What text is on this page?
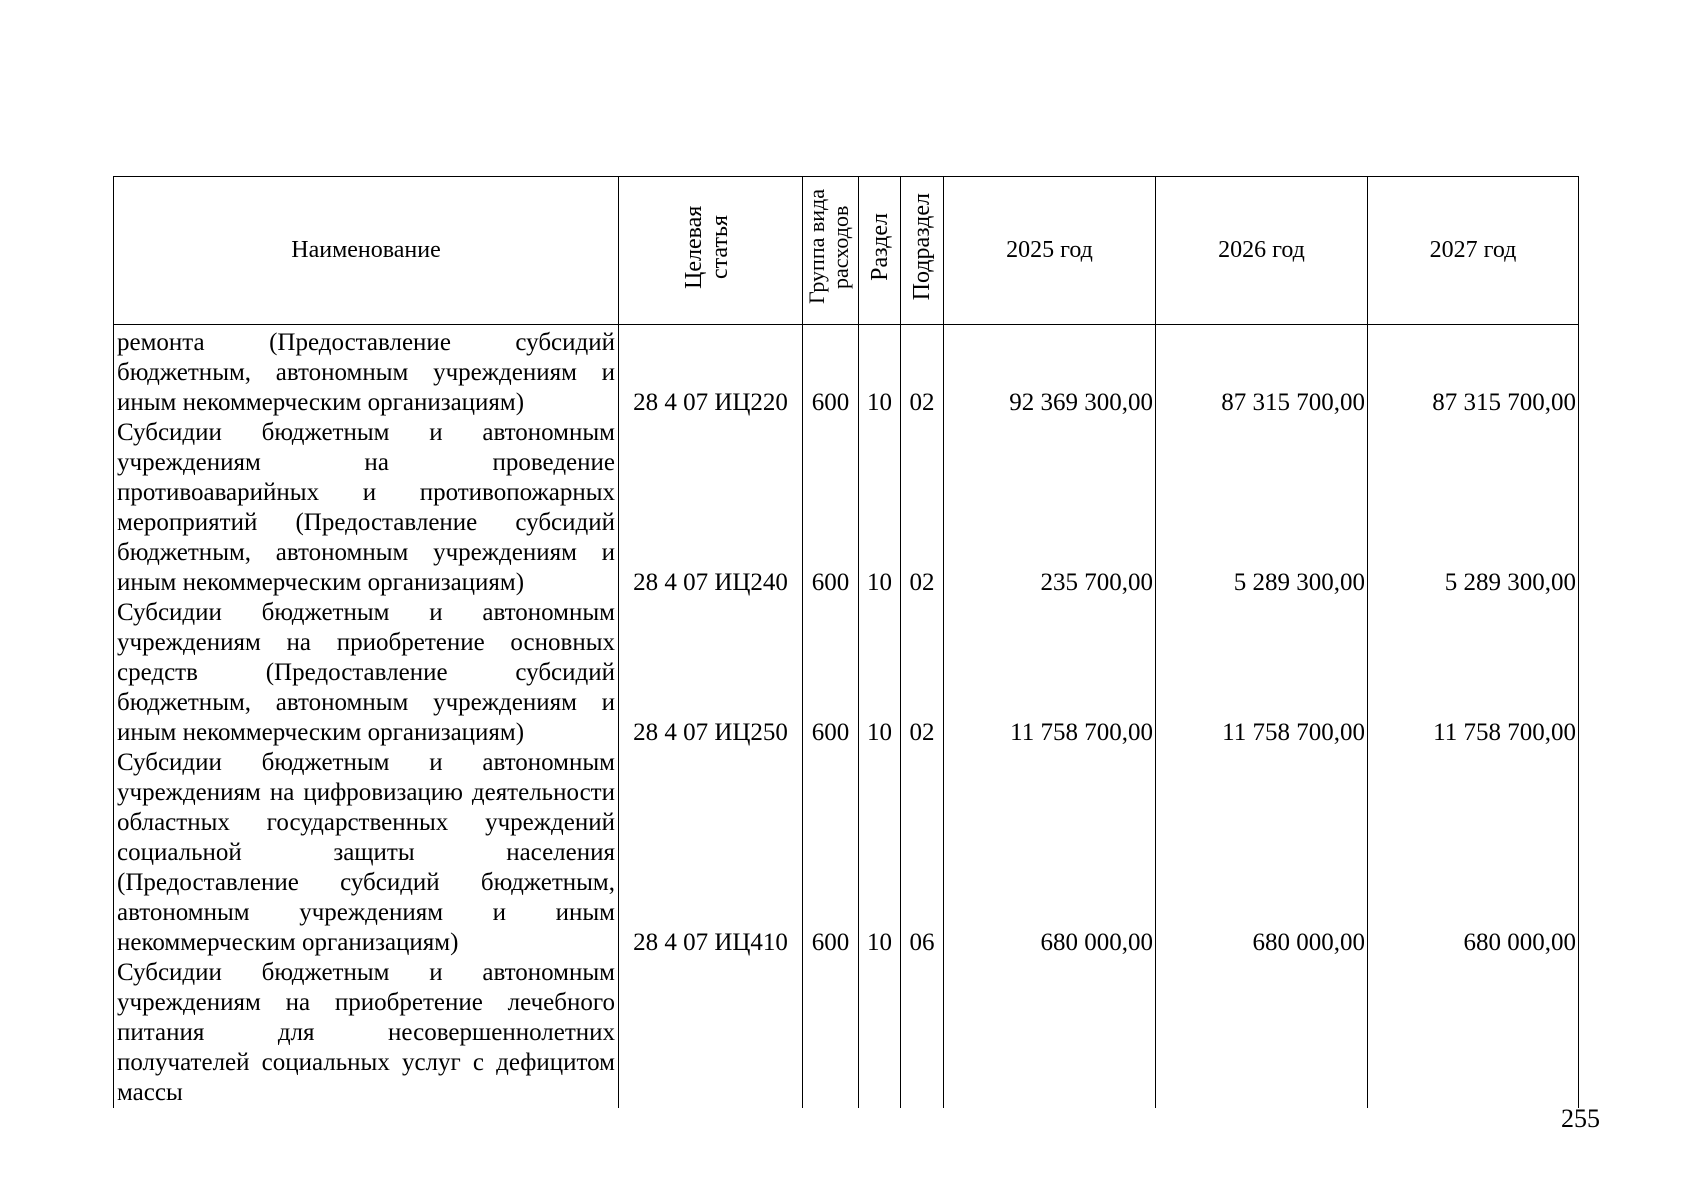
Наименование	Целевая статья	Группа вида расходов	Раздел	Подраздел	2025 год	2026 год	2027 год
ремонта (Предоставление субсидий бюджетным, автономным учреждениям и иным некоммерческим организациям)	28 4 07 ИЦ220	600	10	02	92 369 300,00	87 315 700,00	87 315 700,00
Субсидии бюджетным и автономным учреждениям на проведение противоаварийных и противопожарных мероприятий (Предоставление субсидий бюджетным, автономным учреждениям и иным некоммерческим организациям)	28 4 07 ИЦ240	600	10	02	235 700,00	5 289 300,00	5 289 300,00
Субсидии бюджетным и автономным учреждениям на приобретение основных средств (Предоставление субсидий бюджетным, автономным учреждениям и иным некоммерческим организациям)	28 4 07 ИЦ250	600	10	02	11 758 700,00	11 758 700,00	11 758 700,00
Субсидии бюджетным и автономным учреждениям на цифровизацию деятельности областных государственных учреждений социальной защиты населения (Предоставление субсидий бюджетным, автономным учреждениям и иным некоммерческим организациям)	28 4 07 ИЦ410	600	10	06	680 000,00	680 000,00	680 000,00
Субсидии бюджетным и автономным учреждениям на приобретение лечебного питания для несовершеннолетних получателей социальных услуг с дефицитом массы							
255
